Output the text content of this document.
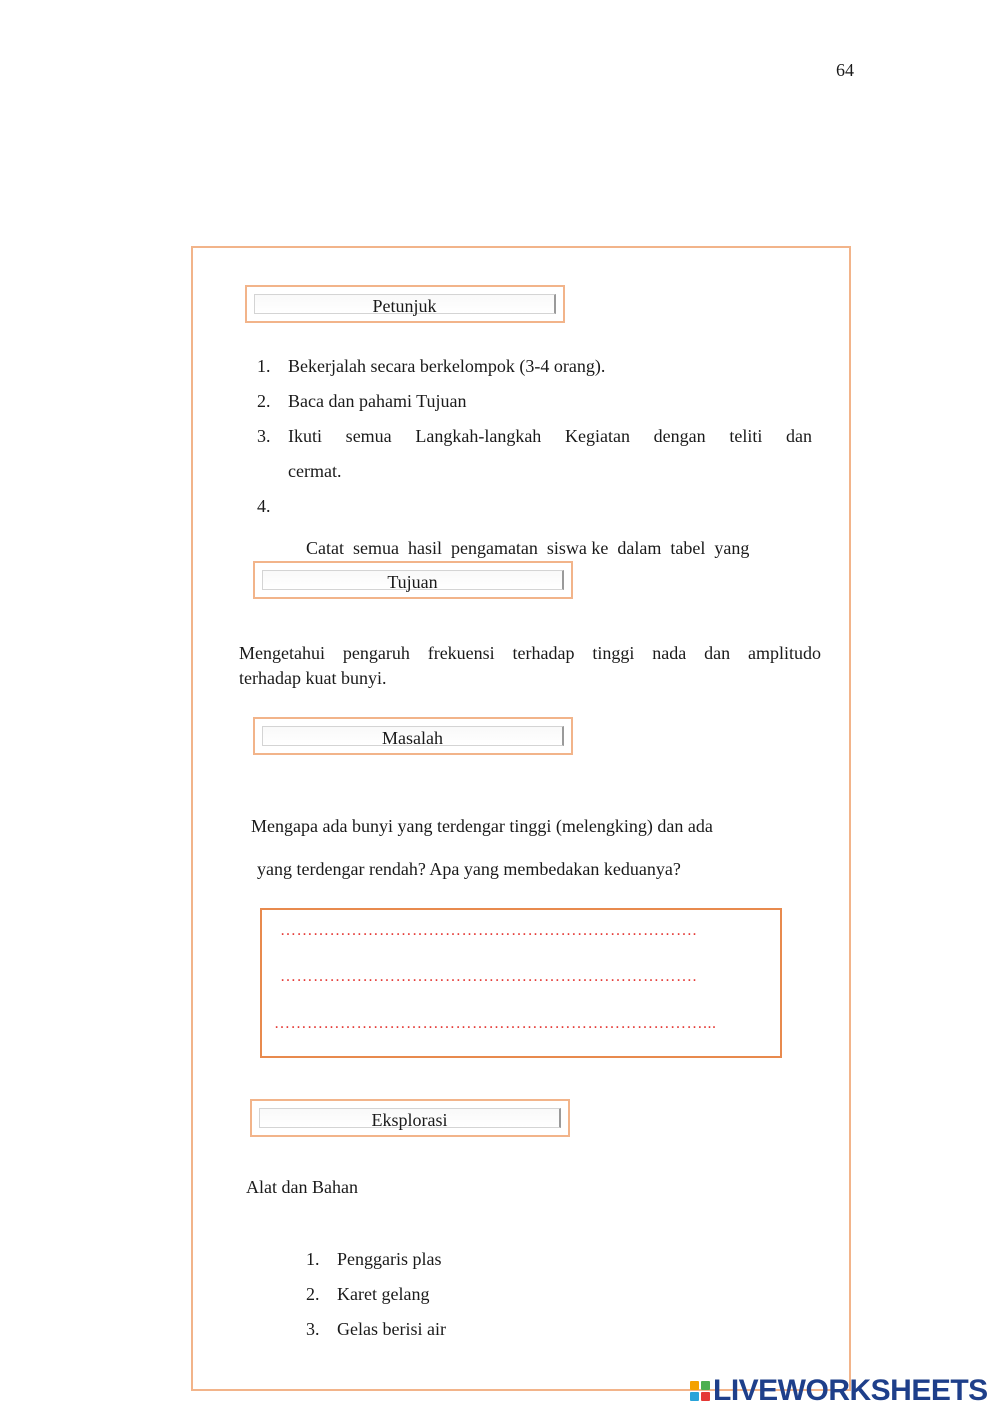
64
Petunjuk
1. Bekerjalah secara berkelompok (3-4 orang).
2. Baca dan pahami Tujuan
3. Ikuti semua Langkah-langkah Kegiatan dengan teliti dan
cermat.

4.

Catat  semua  hasil  pengamatan  siswa ke  dalam  tabel  yang

Tujuan
Mengetahui pengaruh frekuensi terhadap tinggi nada dan amplitudo
terhadap kuat bunyi.
Masalah
Mengapa ada bunyi yang terdengar tinggi (melengking) dan ada
yang terdengar rendah? Apa yang membedakan keduanya?
………………………………………………………………….
………………………………………………………………….
……………………………………………………………………...
Eksplorasi
Alat dan Bahan
1. Penggaris plas
2. Karet gelang
3. Gelas berisi air
LIVEWORKSHEETS
